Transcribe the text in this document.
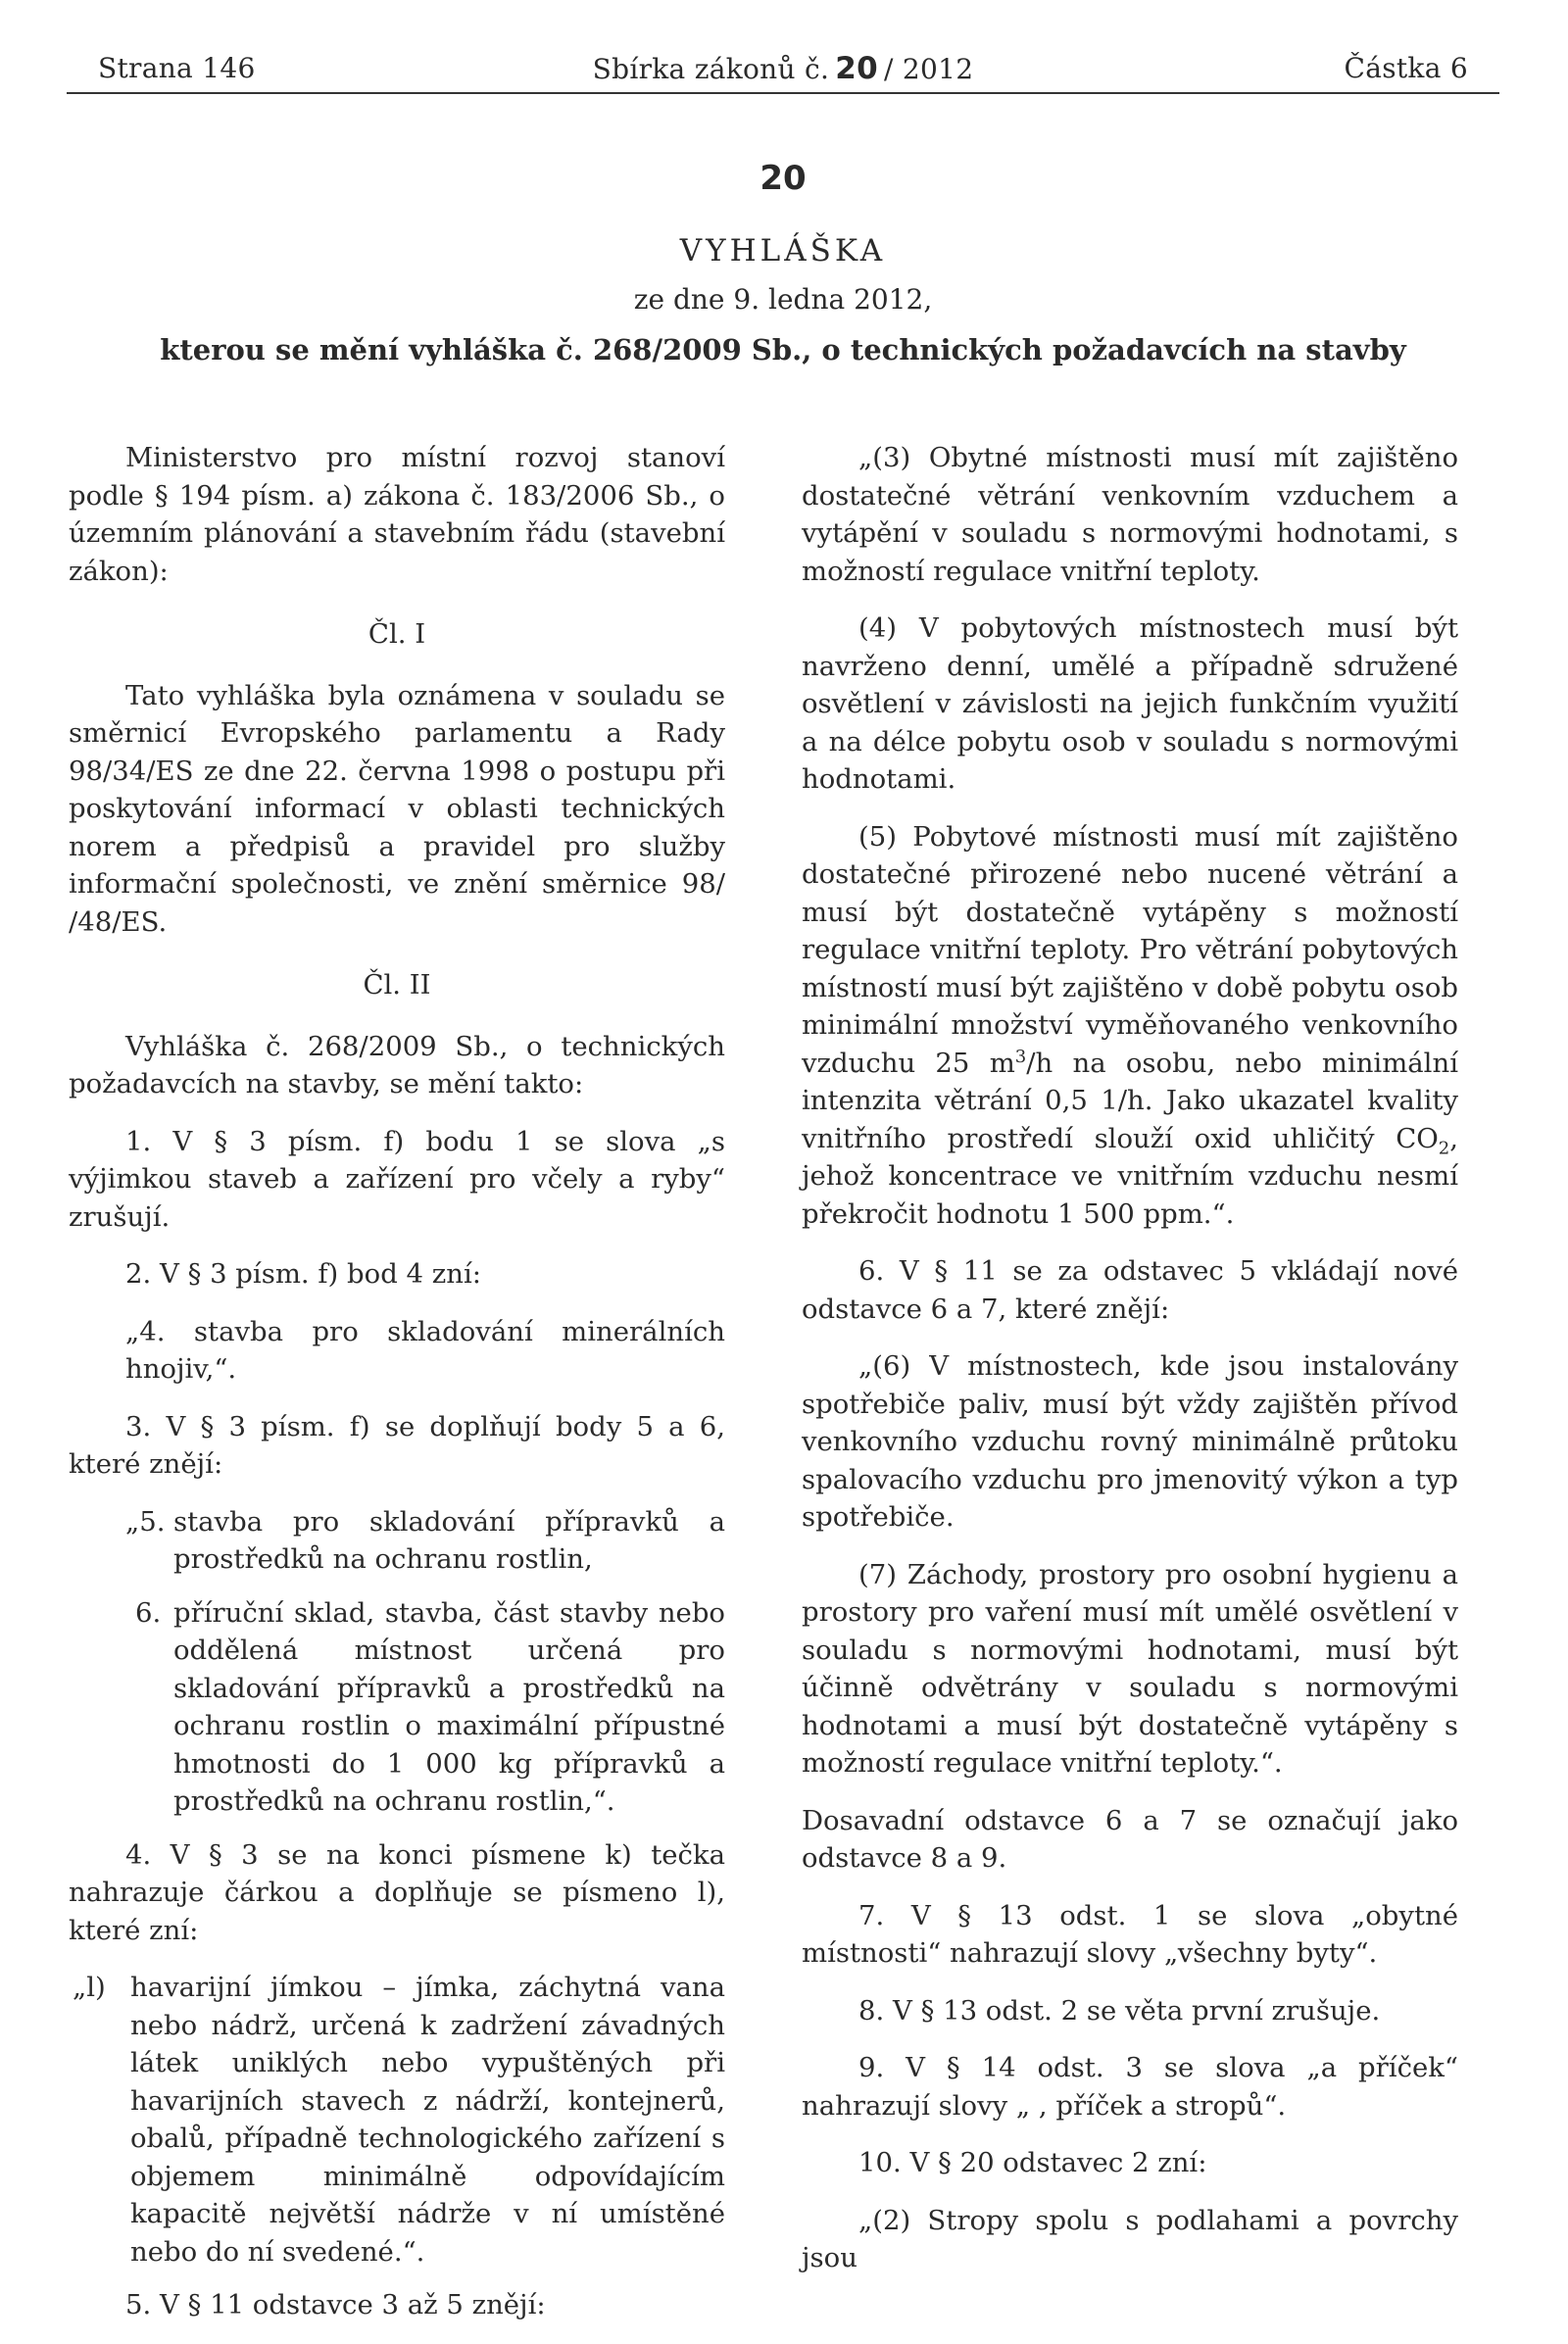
Strana 146	Sbírka zákonů č. 20 / 2012	Částka 6
20
VYHLÁŠKA
ze dne 9. ledna 2012,
kterou se mění vyhláška č. 268/2009 Sb., o technických požadavcích na stavby

Ministerstvo pro místní rozvoj stanoví podle § 194 písm. a) zákona č. 183/2006 Sb., o územním plánování a stavebním řádu (stavební zákon):

Čl. I

Tato vyhláška byla oznámena v souladu se směrnicí Evropského parlamentu a Rady 98/34/ES ze dne 22. června 1998 o postupu při poskytování informací v oblasti technických norem a předpisů a pravidel pro služby informační společnosti, ve znění směrnice 98/ /48/ES.

Čl. II

Vyhláška č. 268/2009 Sb., o technických požadavcích na stavby, se mění takto:

1. V § 3 písm. f) bodu 1 se slova „s výjimkou staveb a zařízení pro včely a ryby“ zrušují.

2. V § 3 písm. f) bod 4 zní:

„4. stavba pro skladování minerálních hnojiv,“.

3. V § 3 písm. f) se doplňují body 5 a 6, které znějí:

„5. stavba pro skladování přípravků a prostředků na ochranu rostlin,

6. příruční sklad, stavba, část stavby nebo oddělená místnost určená pro skladování přípravků a prostředků na ochranu rostlin o maximální přípustné hmotnosti do 1 000 kg přípravků a prostředků na ochranu rostlin,“.

4. V § 3 se na konci písmene k) tečka nahrazuje čárkou a doplňuje se písmeno l), které zní:

„l) havarijní jímkou – jímka, záchytná vana nebo nádrž, určená k zadržení závadných látek uniklých nebo vypuštěných při havarijních stavech z nádrží, kontejnerů, obalů, případně technologického zařízení s objemem minimálně odpovídajícím kapacitě největší nádrže v ní umístěné nebo do ní svedené.“.

5. V § 11 odstavce 3 až 5 znějí:

„(3) Obytné místnosti musí mít zajištěno dostatečné větrání venkovním vzduchem a vytápění v souladu s normovými hodnotami, s možností regulace vnitřní teploty.

(4) V pobytových místnostech musí být navrženo denní, umělé a případně sdružené osvětlení v závislosti na jejich funkčním využití a na délce pobytu osob v souladu s normovými hodnotami.

(5) Pobytové místnosti musí mít zajištěno dostatečné přirozené nebo nucené větrání a musí být dostatečně vytápěny s možností regulace vnitřní teploty. Pro větrání pobytových místností musí být zajištěno v době pobytu osob minimální množství vyměňovaného venkovního vzduchu 25 $m^3/h$ na osobu, nebo minimální intenzita větrání 0,5 1/h. Jako ukazatel kvality vnitřního prostředí slouží oxid uhličitý $CO_2$, jehož koncentrace ve vnitřním vzduchu nesmí překročit hodnotu 1 500 ppm.“.

6. V § 11 se za odstavec 5 vkládají nové odstavce 6 a 7, které znějí:

„(6) V místnostech, kde jsou instalovány spotřebiče paliv, musí být vždy zajištěn přívod venkovního vzduchu rovný minimálně průtoku spalovacího vzduchu pro jmenovitý výkon a typ spotřebiče.

(7) Záchody, prostory pro osobní hygienu a prostory pro vaření musí mít umělé osvětlení v souladu s normovými hodnotami, musí být účinně odvětrány v souladu s normovými hodnotami a musí být dostatečně vytápěny s možností regulace vnitřní teploty.“.

Dosavadní odstavce 6 a 7 se označují jako odstavce 8 a 9.

7. V § 13 odst. 1 se slova „obytné místnosti“ nahrazují slovy „všechny byty“.

8. V § 13 odst. 2 se věta první zrušuje.

9. V § 14 odst. 3 se slova „a příček“ nahrazují slovy „ , příček a stropů“.

10. V § 20 odstavec 2 zní:

„(2) Stropy spolu s podlahami a povrchy jsou
